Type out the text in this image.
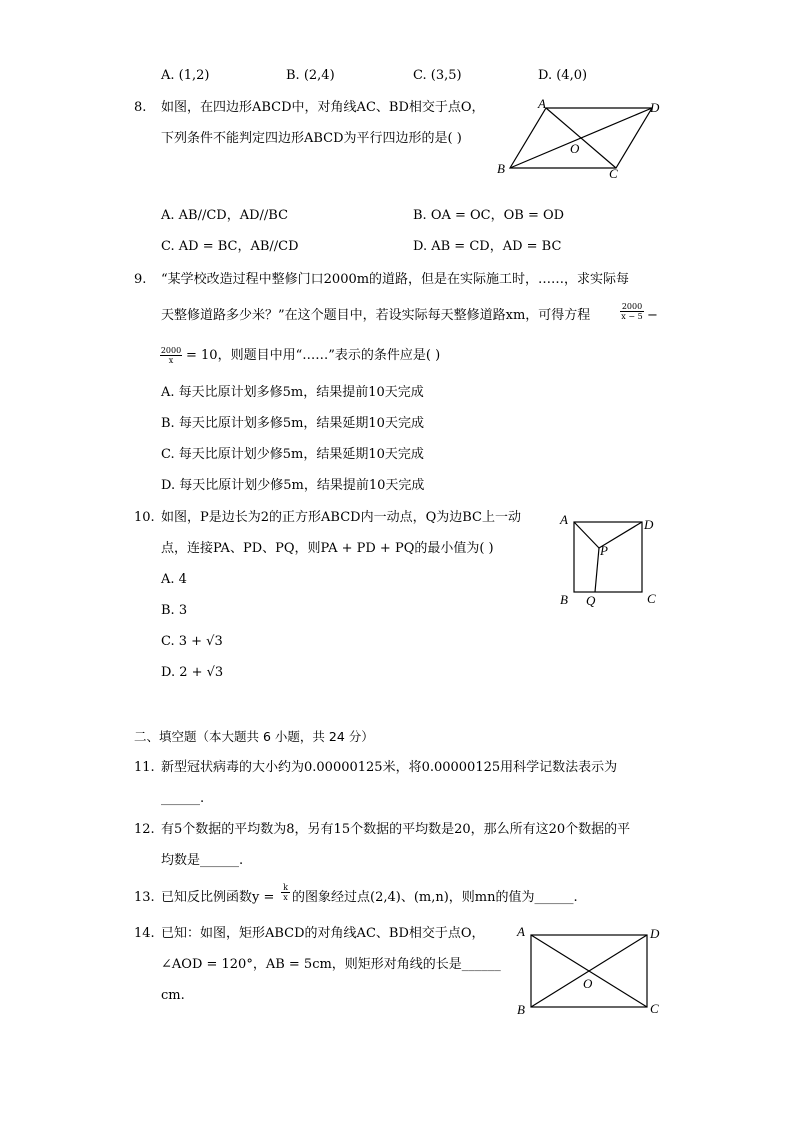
A. (1,2)	B. (2,4)	C. (3,5)	D. (4,0)
8. 如图，在四边形ABCD中，对角线AC、BD相交于点O，
下列条件不能判定四边形ABCD为平行四边形的是( )
A	D
B	C
O
A. AB//CD，AD//BC	B. OA = OC，OB = OD
C. AD = BC，AB//CD	D. AB = CD，AD = BC
9. “某学校改造过程中整修门口2000m的道路，但是在实际施工时，……，求实际每
天整修道路多少米？”在这个题目中，若设实际每天整修道路xm，可得方程	$\frac{2000}{x - 5}$ −
$\frac{2000}{x} = 10$，则题目中用“……”表示的条件应是( )
A. 每天比原计划多修5m，结果提前10天完成
B. 每天比原计划多修5m，结果延期10天完成
C. 每天比原计划少修5m，结果延期10天完成
D. 每天比原计划少修5m，结果提前10天完成
10. 如图，P是边长为2的正方形ABCD内一动点，Q为边BC上一动
点，连接PA、PD、PQ，则PA + PD + PQ的最小值为( )
A. 4
B. 3
C. 3 + √3
D. 2 + √3
A	D
P
B Q	C
二、填空题（本大题共 6 小题，共 24 分）
11. 新型冠状病毒的大小约为0.00000125米，将0.00000125用科学记数法表示为
______.
12. 有5个数据的平均数为8，另有15个数据的平均数是20，那么所有这20个数据的平
均数是______.
13. 已知反比例函数$y = \frac{k}{x}$ 的图象经过点(2,4)、(m,n)，则mn的值为______.
14. 已知：如图，矩形ABCD的对角线AC、BD相交于点O，
∠AOD = 120°，AB = 5cm，则矩形对角线的长是______
cm.
A	D
B	C
O
